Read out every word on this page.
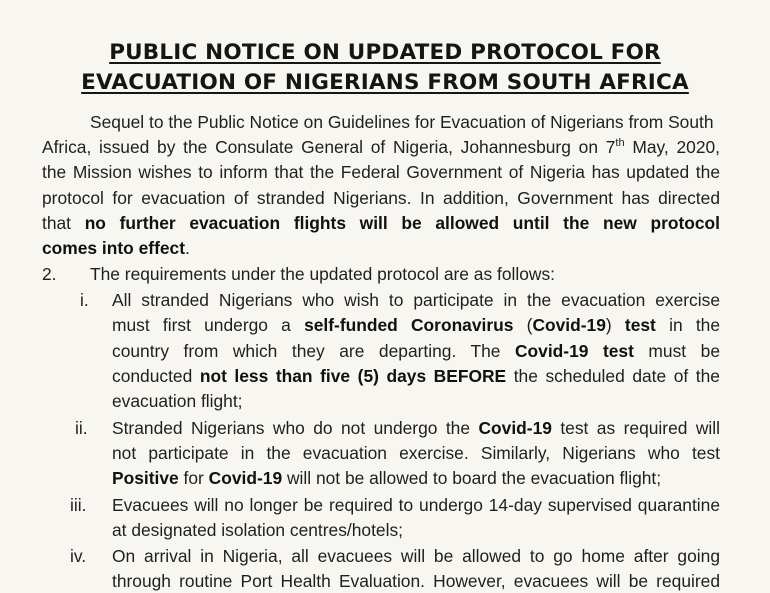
PUBLIC NOTICE ON UPDATED PROTOCOL FOR
EVACUATION OF NIGERIANS FROM SOUTH AFRICA
Sequel to the Public Notice on Guidelines for Evacuation of Nigerians from South
Africa, issued by the Consulate General of Nigeria, Johannesburg on 7th May, 2020,
the Mission wishes to inform that the Federal Government of Nigeria has updated the
protocol for evacuation of stranded Nigerians. In addition, Government has directed
that no further evacuation flights will be allowed until the new protocol
comes into effect.
2. The requirements under the updated protocol are as follows:
i. All stranded Nigerians who wish to participate in the evacuation exercise
must first undergo a self-funded Coronavirus (Covid-19) test in the
country from which they are departing. The Covid-19 test must be
conducted not less than five (5) days BEFORE the scheduled date of the
evacuation flight;
ii. Stranded Nigerians who do not undergo the Covid-19 test as required will
not participate in the evacuation exercise. Similarly, Nigerians who test
Positive for Covid-19 will not be allowed to board the evacuation flight;
iii. Evacuees will no longer be required to undergo 14-day supervised quarantine
at designated isolation centres/hotels;
iv. On arrival in Nigeria, all evacuees will be allowed to go home after going
through routine Port Health Evaluation. However, evacuees will be required
